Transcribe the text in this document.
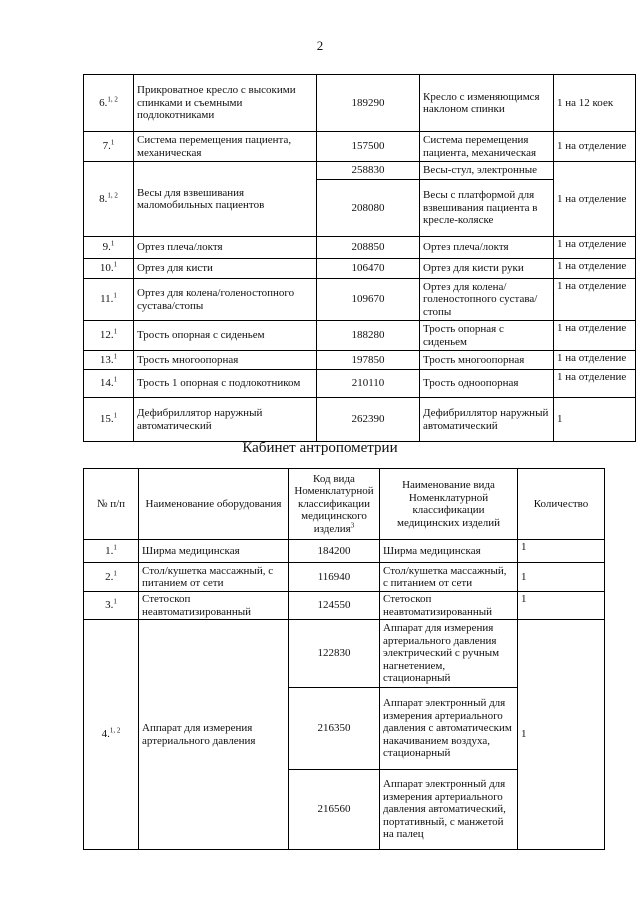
2
6.$^{1, 2}$	Прикроватное кресло с высокими спинками и съемными подлокотниками	189290	Кресло с изменяющимся наклоном спинки	1 на 12 коек
7.$^1$	Система перемещения пациента, механическая	157500	Система перемещения пациента, механическая	1 на отделение
8.$^{1, 2}$	Весы для взвешивания маломобильных пациентов	258830	Весы-стул, электронные	1 на отделение
		208080	Весы с платформой для взвешивания пациента в кресле-коляске	
9.$^1$	Ортез плеча/локтя	208850	Ортез плеча/локтя	1 на отделение
10.$^1$	Ортез для кисти	106470	Ортез для кисти руки	1 на отделение
11.$^1$	Ортез для колена/голеностопного сустава/стопы	109670	Ортез для колена/голеностопного сустава/стопы	1 на отделение
12.$^1$	Трость опорная с сиденьем	188280	Трость опорная с сиденьем	1 на отделение
13.$^1$	Трость многоопорная	197850	Трость многоопорная	1 на отделение
14.$^1$	Трость 1 опорная с подлокотником	210110	Трость одноопорная	1 на отделение
15.$^1$	Дефибриллятор наружный автоматический	262390	Дефибриллятор наружный автоматический	1
Кабинет антропометрии
№ п/п	Наименование оборудования	Код вида Номенклатурной классификации медицинского изделия$^3$	Наименование вида Номенклатурной классификации медицинских изделий	Количество
1.$^1$	Ширма медицинская	184200	Ширма медицинская	1
2.$^1$	Стол/кушетка массажный, с питанием от сети	116940	Стол/кушетка массажный, с питанием от сети	1
3.$^1$	Стетоскоп неавтоматизированный	124550	Стетоскоп неавтоматизированный	1
4.$^{1, 2}$	Аппарат для измерения артериального давления	122830	Аппарат для измерения артериального давления электрический с ручным нагнетением, стационарный	1
		216350	Аппарат электронный для измерения артериального давления с автоматическим накачиванием воздуха, стационарный	
		216560	Аппарат электронный для измерения артериального давления автоматический, портативный, с манжетой на палец	
